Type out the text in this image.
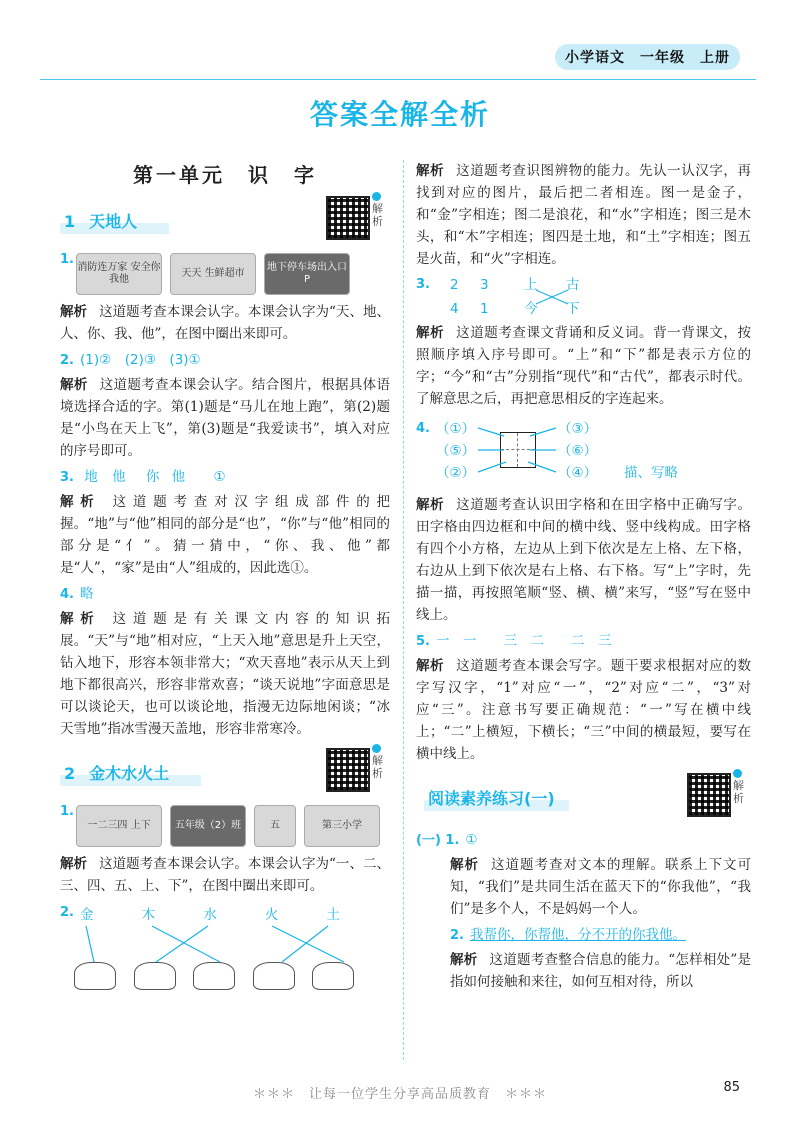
小学语文　一年级　上册
答案全解全析
第一单元　识　字
1 天地人
解析
1.
消防连万家 安全你我他
天天 生鲜超市
地下停车场出入口 P
解析 这道题考查本课会认字。本课会认字为“天、地、人、你、我、他”，在图中圈出来即可。
2. (1)②　(2)③　(3)①
解析 这道题考查本课会认字。结合图片，根据具体语境选择合适的字。第(1)题是“马儿在地上跑”，第(2)题是“小鸟在天上飞”，第(3)题是“我爱读书”，填入对应的序号即可。
3. 地 他 你 他 ①
解析 这道题考查对汉字组成部件的把握。“地”与“他”相同的部分是“也”，“你”与“他”相同的部分是“亻”。猜一猜中，“你、我、他”都是“人”，“家”是由“人”组成的，因此选①。
4. 略
解析 这道题是有关课文内容的知识拓展。“天”与“地”相对应，“上天入地”意思是升上天空，钻入地下，形容本领非常大；“欢天喜地”表示从天上到地下都很高兴，形容非常欢喜；“谈天说地”字面意思是可以谈论天，也可以谈论地，指漫无边际地闲谈；“冰天雪地”指冰雪漫天盖地，形容非常寒冷。
2 金木水火土
解析
1.
一二三四 上下	五年级（2）班	五	第三小学
解析 这道题考查本课会认字。本课会认字为“一、二、三、四、五、上、下”，在图中圈出来即可。
2. 金	木	水	火	土
解析 这道题考查识图辨物的能力。先认一认汉字，再找到对应的图片，最后把二者相连。图一是金子，和“金”字相连；图二是浪花，和“水”字相连；图三是木头，和“木”字相连；图四是土地，和“土”字相连；图五是火苗，和“火”字相连。
3. 2 3	上 古
4 1	今 下
解析 这道题考查课文背诵和反义词。背一背课文，按照顺序填入序号即可。“上”和“下”都是表示方位的字；“今”和“古”分别指“现代”和“古代”，都表示时代。了解意思之后，再把意思相反的字连起来。
4. （①）
（⑤）
（②）
（③）
（⑥）
（④） 描、写略
解析 这道题考查认识田字格和在田字格中正确写字。田字格由四边框和中间的横中线、竖中线构成。田字格有四个小方格，左边从上到下依次是左上格、左下格，右边从上到下依次是右上格、右下格。写“上”字时，先描一描，再按照笔顺“竖、横、横”来写，“竖”写在竖中线上。
5. 一　一　　三　二　　二　三
解析 这道题考查本课会写字。题干要求根据对应的数字写汉字，“1”对应“一”，“2”对应“二”，“3”对应“三”。注意书写要正确规范：“一”写在横中线上；“二”上横短，下横长；“三”中间的横最短，要写在横中线上。
阅读素养练习(一)
解析
(一) 1. ①
解析 这道题考查对文本的理解。联系上下文可知，“我们”是共同生活在蓝天下的“你我他”，“我们”是多个人，不是妈妈一个人。
2. 我帮你，你帮他，分不开的你我他。
解析 这道题考查整合信息的能力。“怎样相处”是指如何接触和来往，如何互相对待，所以
＊＊＊　让每一位学生分享高品质教育　＊＊＊	85
